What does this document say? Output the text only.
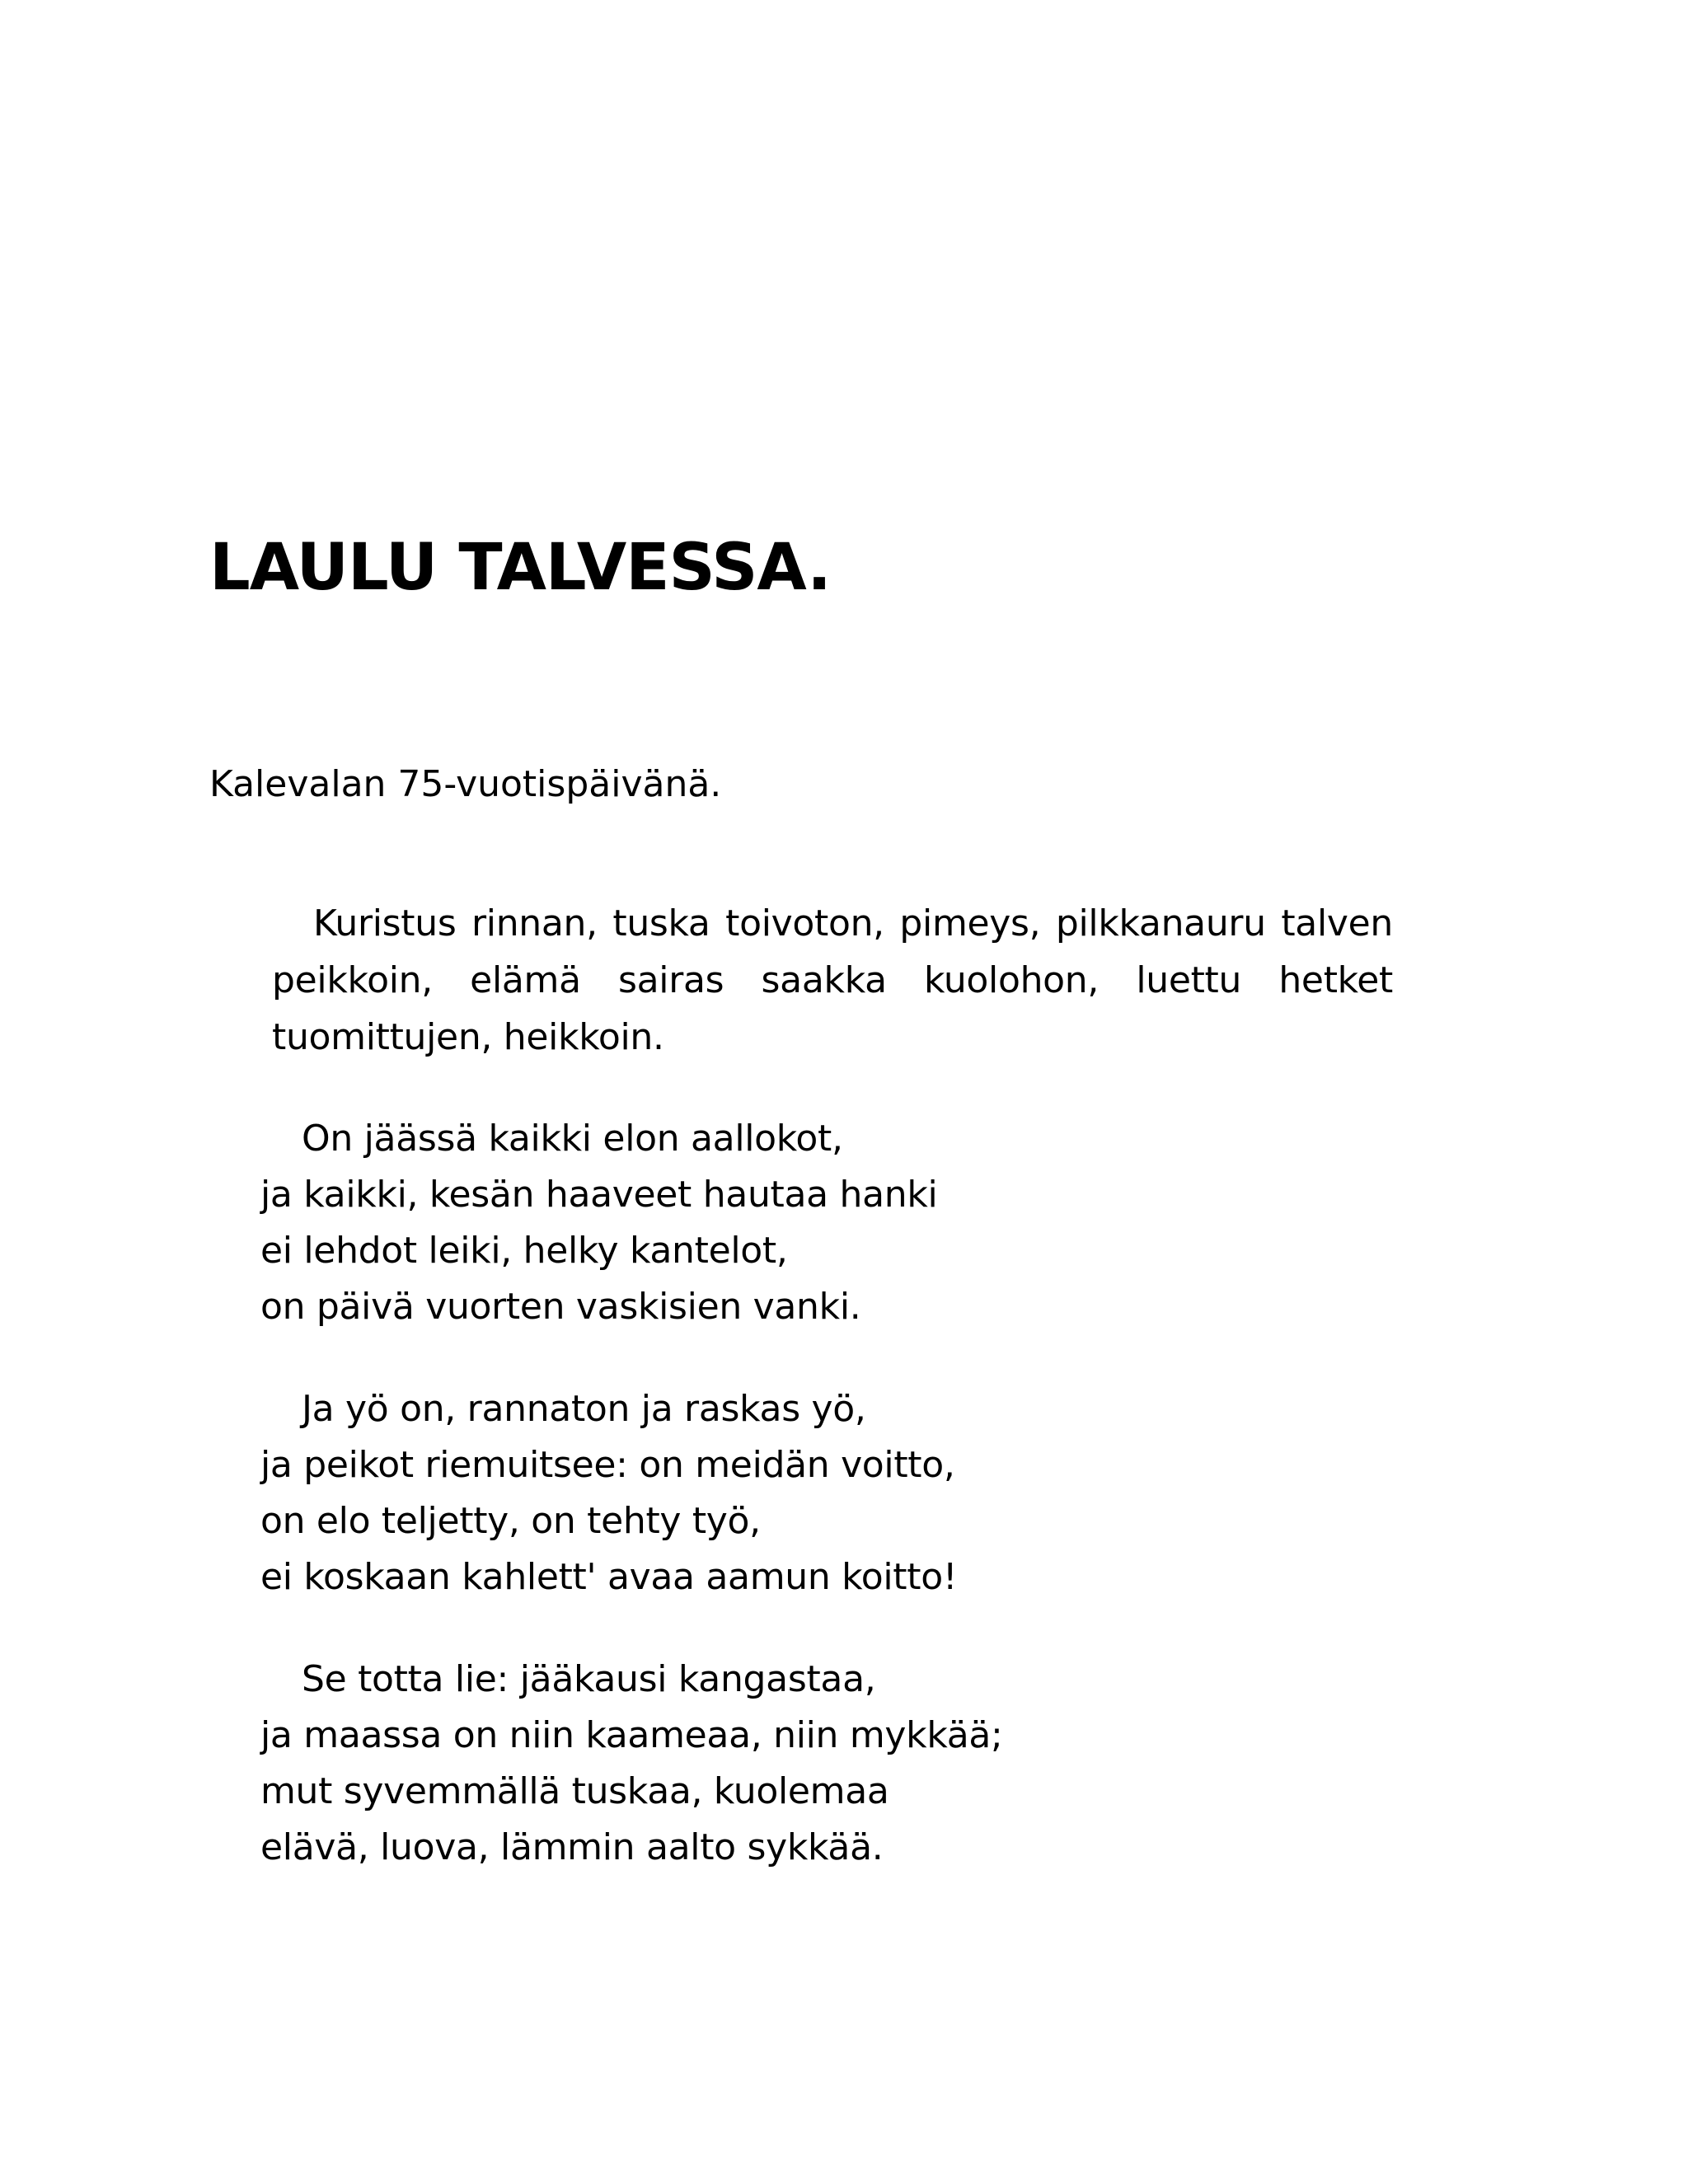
LAULU TALVESSA.

Kalevalan 75-vuotispäivänä.

Kuristus rinnan, tuska toivoton, pimeys, pilkkanauru talven peikkoin, elämä sairas saakka kuolohon, luettu hetket tuomittujen, heikkoin.

On jäässä kaikki elon aallokot,
ja kaikki, kesän haaveet hautaa hanki
ei lehdot leiki, helky kantelot,
on päivä vuorten vaskisien vanki.
Ja yö on, rannaton ja raskas yö,
ja peikot riemuitsee: on meidän voitto,
on elo teljetty, on tehty työ,
ei koskaan kahlett' avaa aamun koitto!
Se totta lie: jääkausi kangastaa,
ja maassa on niin kaameaa, niin mykkää;
mut syvemmällä tuskaa, kuolemaa
elävä, luova, lämmin aalto sykkää.
